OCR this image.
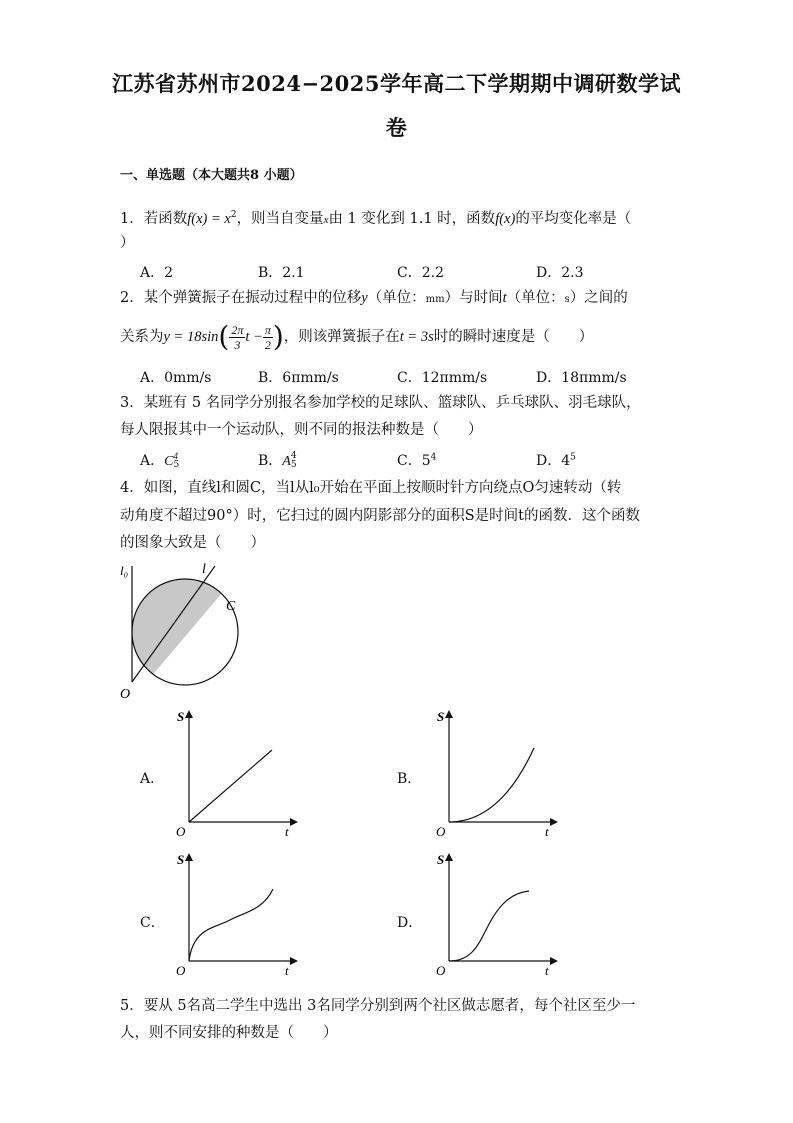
江苏省苏州市2024−2025学年高二下学期期中调研数学试
卷
一、单选题（本大题共8 小题）
1．若函数$f(x) = x^2$，则当自变量x由 1 变化到 1.1 时，函数f(x)的平均变化率是（
）
A．2	B．2.1	C．2.2	D．2.3
2．某个弹簧振子在振动过程中的位移y（单位：mm）与时间t（单位：s）之间的
关系为$y = 18\sin( \frac{2\pi}{3}$ $t - \frac{\pi}{2}$ )，则该弹簧振子在t = 3s时的瞬时速度是（　　）
A．0mm/s	B．6πmm/s	C．12πmm/s	D．18πmm/s
3．某班有 5 名同学分别报名参加学校的足球队、篮球队、乒乓球队、羽毛球队，
每人限报其中一个运动队，则不同的报法种数是（　　）
A．C 4
5	B．A 4
5	C．$5^4$	D．$4^5$
4．如图，直线l和圆C，当l从l₀开始在平面上按顺时针方向绕点O匀速转动（转
动角度不超过90°）时，它扫过的圆内阴影部分的面积S是时间t的函数．这个函数
的图象大致是（　　）
l₀	l
C
O
A．
S
t
O
B．
S
t
O
C．
S
t
O
D．
S
t
O
5．要从 5名高二学生中选出 3名同学分别到两个社区做志愿者，每个社区至少一
人，则不同安排的种数是（　　）
